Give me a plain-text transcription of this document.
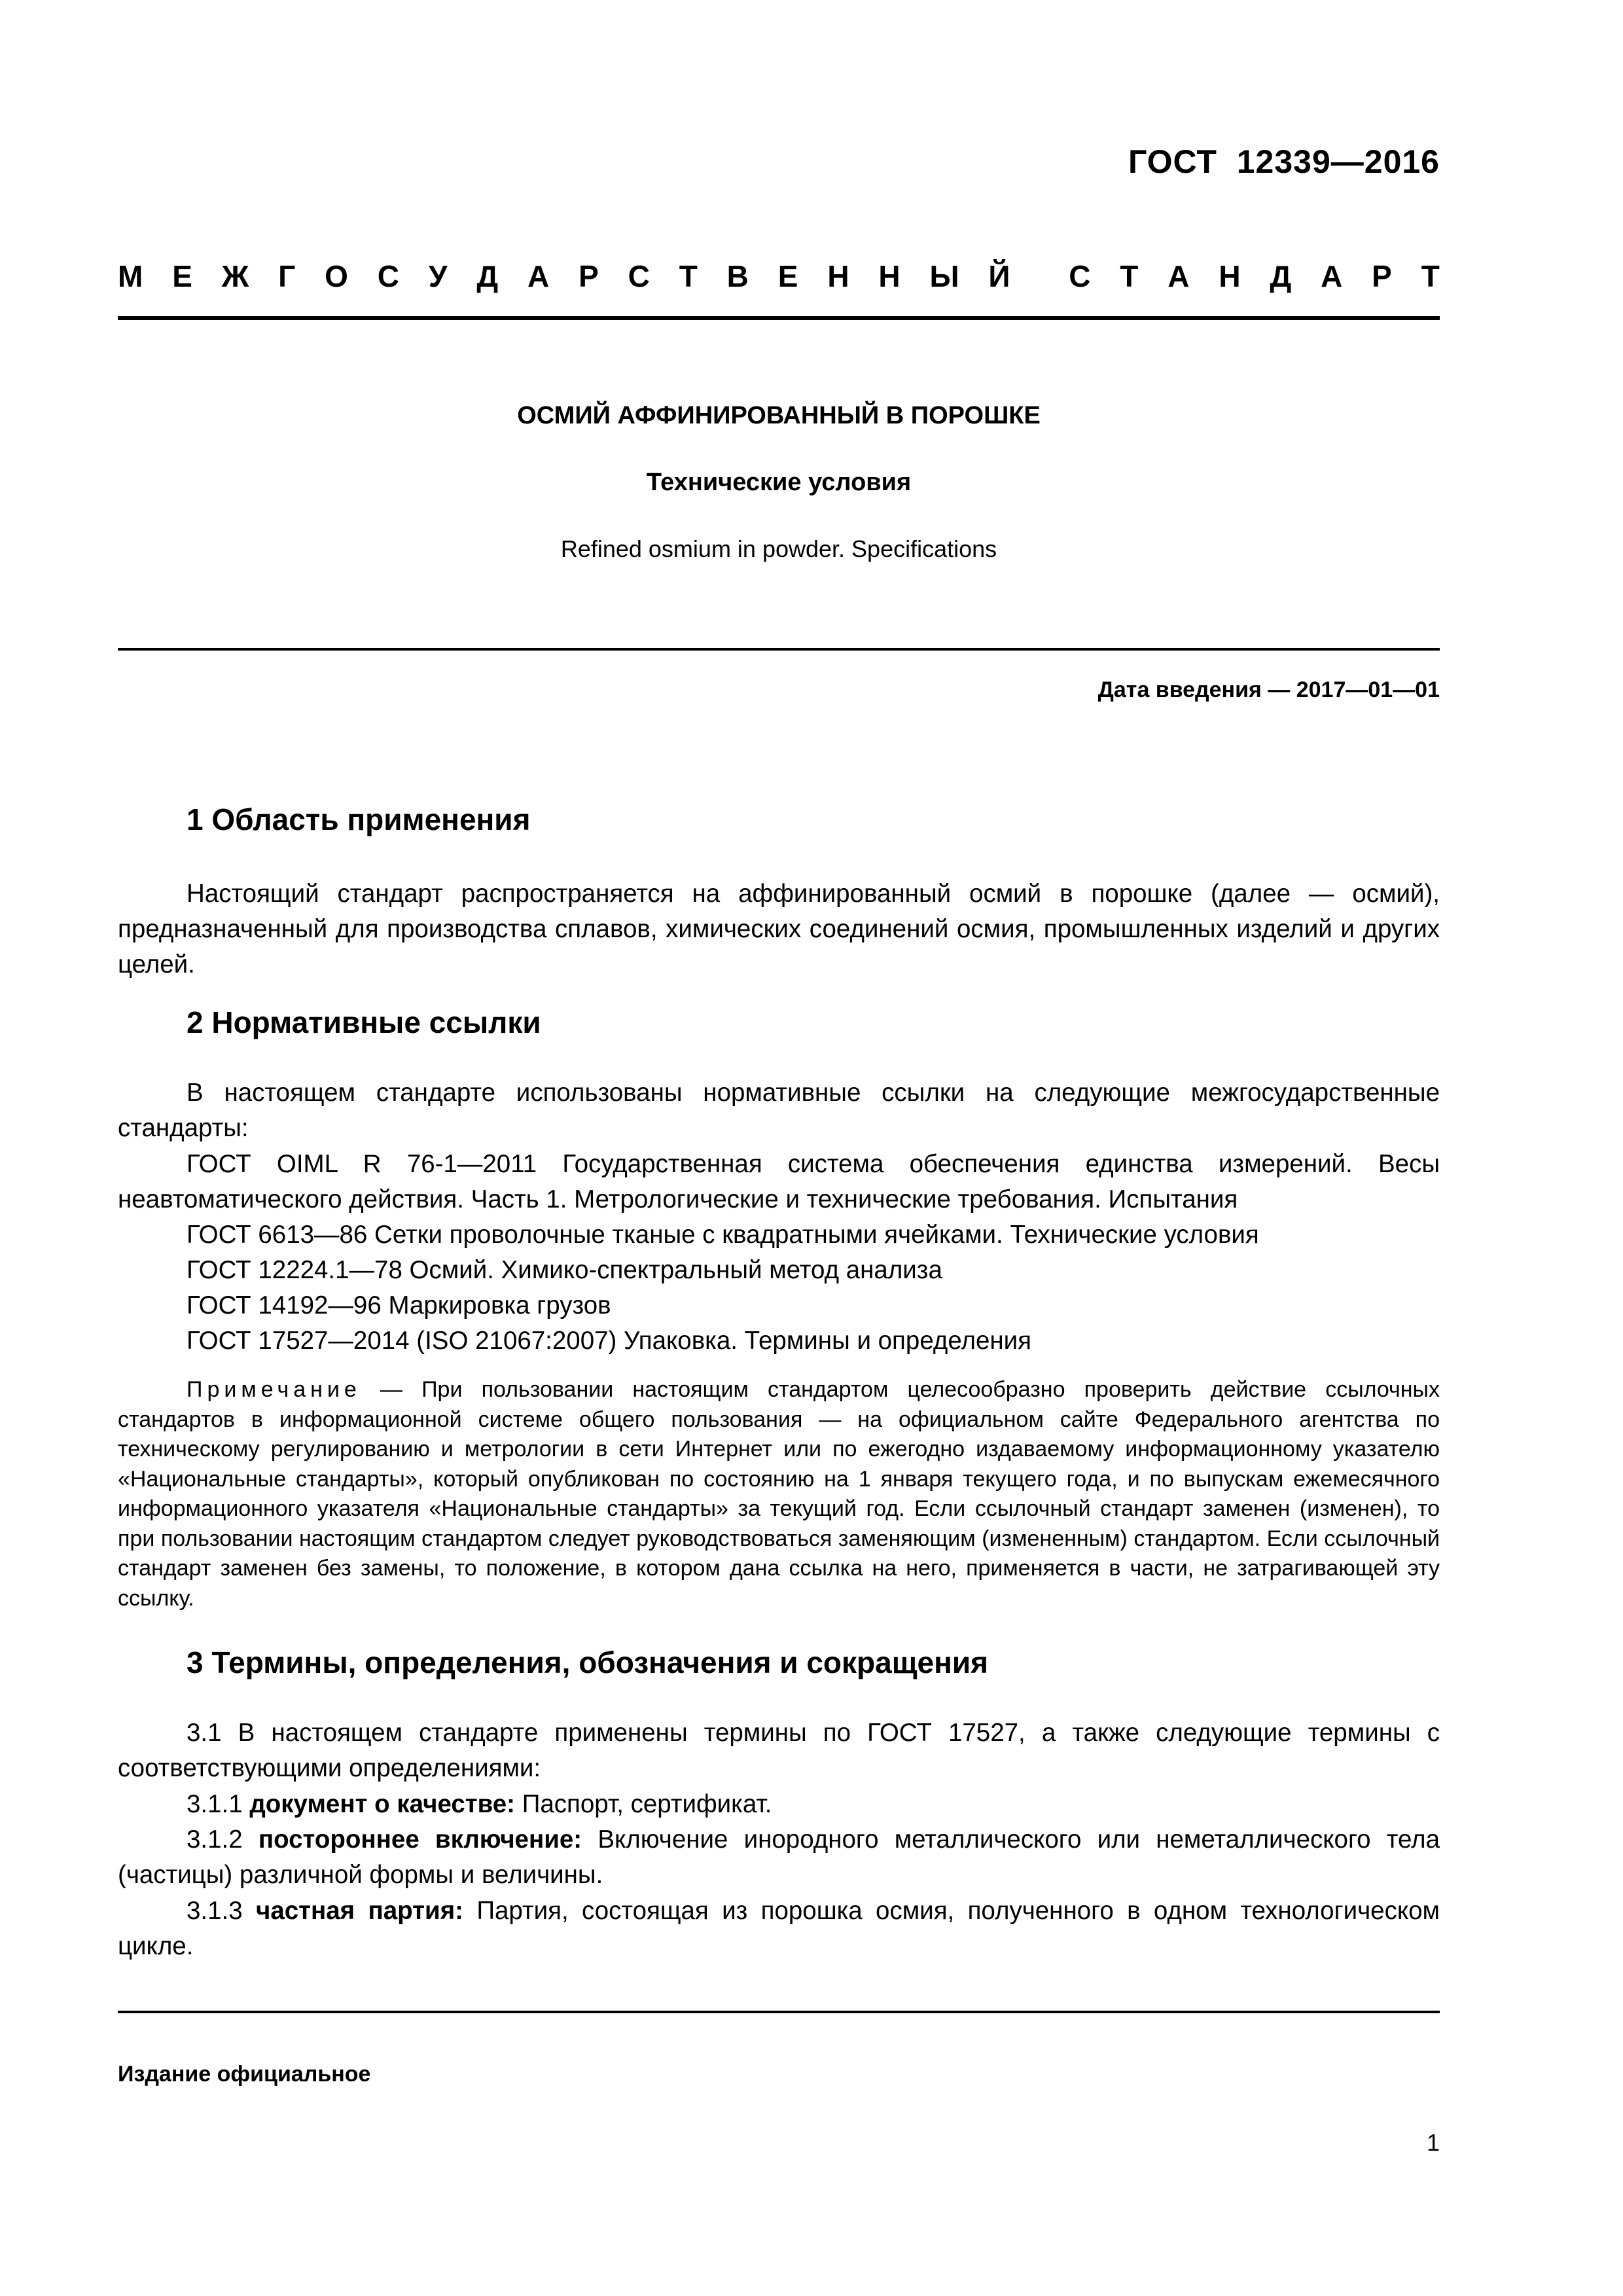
ГОСТ  12339—2016
М Е Ж Г О С У Д А Р С Т В Е Н Н Ы Й С Т А Н Д А Р Т
ОСМИЙ АФФИНИРОВАННЫЙ В ПОРОШКЕ
Технические условия
Refined osmium in powder. Specifications
Дата введения — 2017—01—01
1 Область применения
Настоящий стандарт распространяется на аффинированный осмий в порошке (далее — осмий), предназначенный для производства сплавов, химических соединений осмия, промышленных изделий и других целей.
2 Нормативные ссылки
В настоящем стандарте использованы нормативные ссылки на следующие межгосударственные стандарты:
ГОСТ OIML R 76-1—2011 Государственная система обеспечения единства измерений. Весы неавтоматического действия. Часть 1. Метрологические и технические требования. Испытания
ГОСТ 6613—86 Сетки проволочные тканые с квадратными ячейками. Технические условия
ГОСТ 12224.1—78 Осмий. Химико-спектральный метод анализа
ГОСТ 14192—96 Маркировка грузов
ГОСТ 17527—2014 (ISO 21067:2007) Упаковка. Термины и определения
Примечание — При пользовании настоящим стандартом целесообразно проверить действие ссылочных стандартов в информационной системе общего пользования — на официальном сайте Федерального агентства по техническому регулированию и метрологии в сети Интернет или по ежегодно издаваемому информационному указателю «Национальные стандарты», который опубликован по состоянию на 1 января текущего года, и по выпускам ежемесячного информационного указателя «Национальные стандарты» за текущий год. Если ссылочный стандарт заменен (изменен), то при пользовании настоящим стандартом следует руководствоваться заменяющим (измененным) стандартом. Если ссылочный стандарт заменен без замены, то положение, в котором дана ссылка на него, применяется в части, не затрагивающей эту ссылку.
3 Термины, определения, обозначения и сокращения
3.1 В настоящем стандарте применены термины по ГОСТ 17527, а также следующие термины с соответствующими определениями:
3.1.1 документ о качестве: Паспорт, сертификат.
3.1.2 постороннее включение: Включение инородного металлического или неметаллического тела (частицы) различной формы и величины.
3.1.3 частная партия: Партия, состоящая из порошка осмия, полученного в одном технологическом цикле.
Издание официальное
1
